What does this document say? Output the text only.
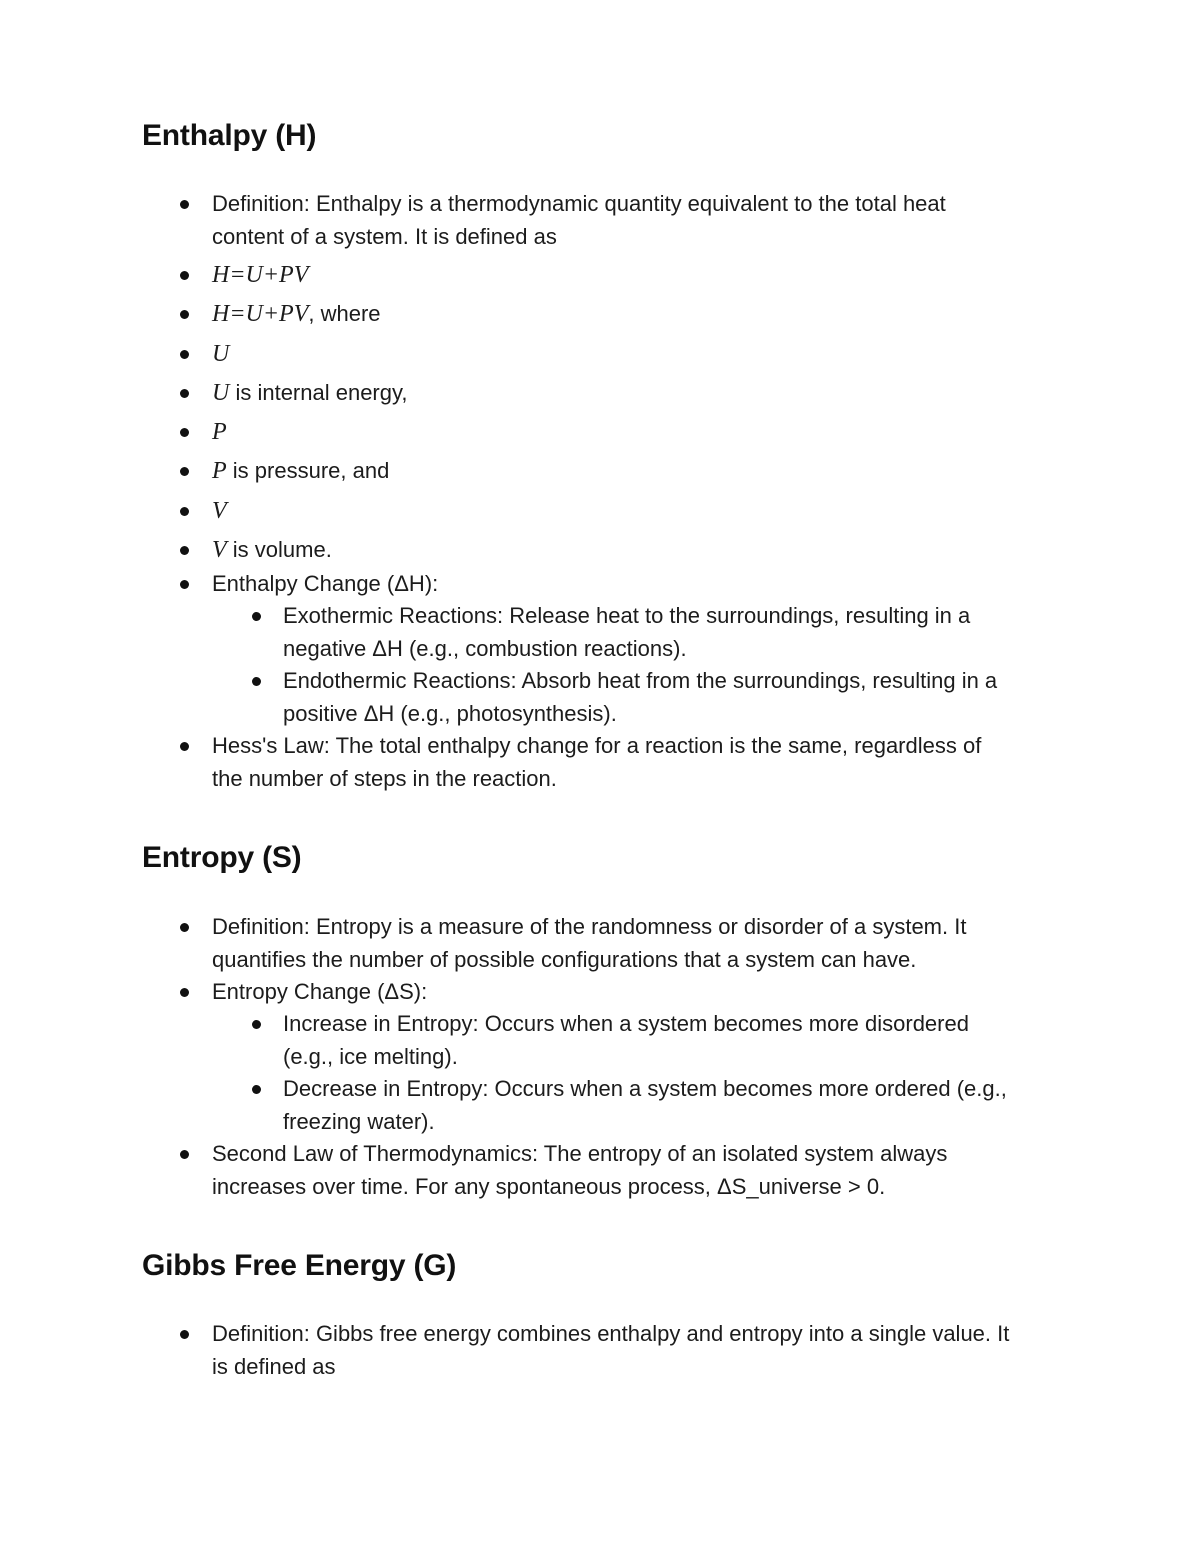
Enthalpy (H)
Definition: Enthalpy is a thermodynamic quantity equivalent to the total heat
content of a system. It is defined as
H=U+PV
H=U+PV, where
U
U is internal energy,
P
P is pressure, and
V
V is volume.
Enthalpy Change (ΔH):
Exothermic Reactions: Release heat to the surroundings, resulting in a
negative ΔH (e.g., combustion reactions).
Endothermic Reactions: Absorb heat from the surroundings, resulting in a
positive ΔH (e.g., photosynthesis).
Hess's Law: The total enthalpy change for a reaction is the same, regardless of
the number of steps in the reaction.
Entropy (S)
Definition: Entropy is a measure of the randomness or disorder of a system. It
quantifies the number of possible configurations that a system can have.
Entropy Change (ΔS):
Increase in Entropy: Occurs when a system becomes more disordered
(e.g., ice melting).
Decrease in Entropy: Occurs when a system becomes more ordered (e.g.,
freezing water).
Second Law of Thermodynamics: The entropy of an isolated system always
increases over time. For any spontaneous process, ΔS_universe > 0.
Gibbs Free Energy (G)
Definition: Gibbs free energy combines enthalpy and entropy into a single value. It
is defined as
